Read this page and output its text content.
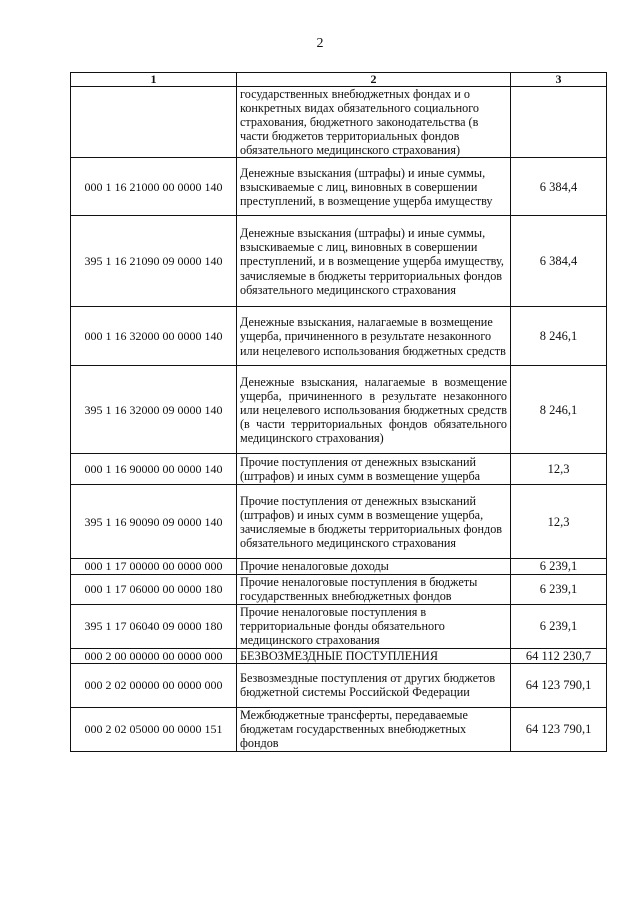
2
1	2	3
	государственных внебюджетных фондах и о конкретных видах обязательного социального страхования, бюджетного законодательства (в части бюджетов территориальных фондов обязательного медицинского страхования)	
000 1 16 21000 00 0000 140	Денежные взыскания (штрафы) и иные суммы, взыскиваемые с лиц, виновных в совершении преступлений, в возмещение ущерба имуществу	6 384,4
395 1 16 21090 09 0000 140	Денежные взыскания (штрафы) и иные суммы, взыскиваемые с лиц, виновных в совершении преступлений, и в возмещение ущерба имуществу, зачисляемые в бюджеты территориальных фондов обязательного медицинского страхования	6 384,4
000 1 16 32000 00 0000 140	Денежные взыскания, налагаемые в возмещение ущерба, причиненного в результате незаконного или нецелевого использования бюджетных средств	8 246,1
395 1 16 32000 09 0000 140	Денежные взыскания, налагаемые в возмещение ущерба, причиненного в результате незаконного или нецелевого использования бюджетных средств (в части территориальных фондов обязательного медицинского страхования)	8 246,1
000 1 16 90000 00 0000 140	Прочие поступления от денежных взысканий (штрафов) и иных сумм в возмещение ущерба	12,3
395 1 16 90090 09 0000 140	Прочие поступления от денежных взысканий (штрафов) и иных сумм в возмещение ущерба, зачисляемые в бюджеты территориальных фондов обязательного медицинского страхования	12,3
000 1 17 00000 00 0000 000	Прочие неналоговые доходы	6 239,1
000 1 17 06000 00 0000 180	Прочие неналоговые поступления в бюджеты государственных внебюджетных фондов	6 239,1
395 1 17 06040 09 0000 180	Прочие неналоговые поступления в территориальные фонды обязательного медицинского страхования	6 239,1
000 2 00 00000 00 0000 000	БЕЗВОЗМЕЗДНЫЕ ПОСТУПЛЕНИЯ	64 112 230,7
000 2 02 00000 00 0000 000	Безвозмездные поступления от других бюджетов бюджетной системы Российской Федерации	64 123 790,1
000 2 02 05000 00 0000 151	Межбюджетные трансферты, передаваемые бюджетам государственных внебюджетных фондов	64 123 790,1
